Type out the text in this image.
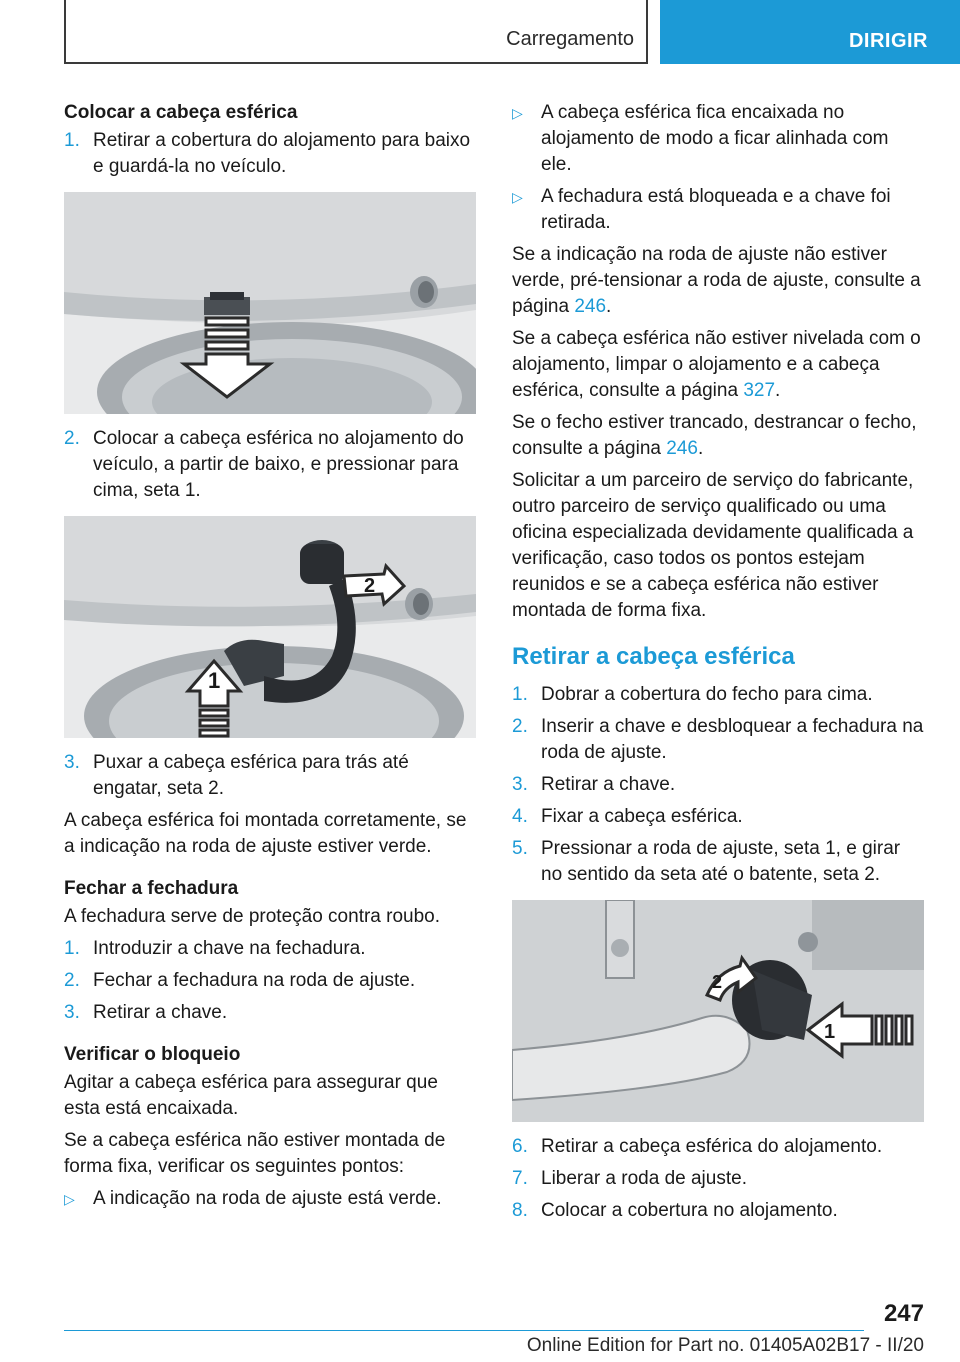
Carregamento	DIRIGIR
Colocar a cabeça esférica
1. Retirar a cobertura do alojamento para baixo e guardá-la no veículo.
2. Colocar a cabeça esférica no alojamento do veículo, a partir de baixo, e pressionar para cima, seta 1.
1
2
3. Puxar a cabeça esférica para trás até engatar, seta 2.

A cabeça esférica foi montada corretamente, se a indicação na roda de ajuste estiver verde.

Fechar a fechadura

A fechadura serve de proteção contra roubo.

1. Introduzir a chave na fechadura.
2. Fechar a fechadura na roda de ajuste.
3. Retirar a chave.
Verificar o bloqueio

Agitar a cabeça esférica para assegurar que esta está encaixada.

Se a cabeça esférica não estiver montada de forma fixa, verificar os seguintes pontos:

▷ A indicação na roda de ajuste está verde.
▷ A cabeça esférica fica encaixada no alojamento de modo a ficar alinhada com ele.
▷ A fechadura está bloqueada e a chave foi retirada.

Se a indicação na roda de ajuste não estiver verde, pré-tensionar a roda de ajuste, consulte a página 246.

Se a cabeça esférica não estiver nivelada com o alojamento, limpar o alojamento e a cabeça esférica, consulte a página 327.

Se o fecho estiver trancado, destrancar o fecho, consulte a página 246.

Solicitar a um parceiro de serviço do fabricante, outro parceiro de serviço qualificado ou uma oficina especializada devidamente qualificada a verificação, caso todos os pontos estejam reunidos e se a cabeça esférica não estiver montada de forma fixa.

Retirar a cabeça esférica
1. Dobrar a cobertura do fecho para cima.
2. Inserir a chave e desbloquear a fechadura na roda de ajuste.
3. Retirar a chave.
4. Fixar a cabeça esférica.
5. Pressionar a roda de ajuste, seta 1, e girar no sentido da seta até o batente, seta 2.
2
1
6. Retirar a cabeça esférica do alojamento.
7. Liberar a roda de ajuste.
8. Colocar a cobertura no alojamento.
247
Online Edition for Part no. 01405A02B17 - II/20
